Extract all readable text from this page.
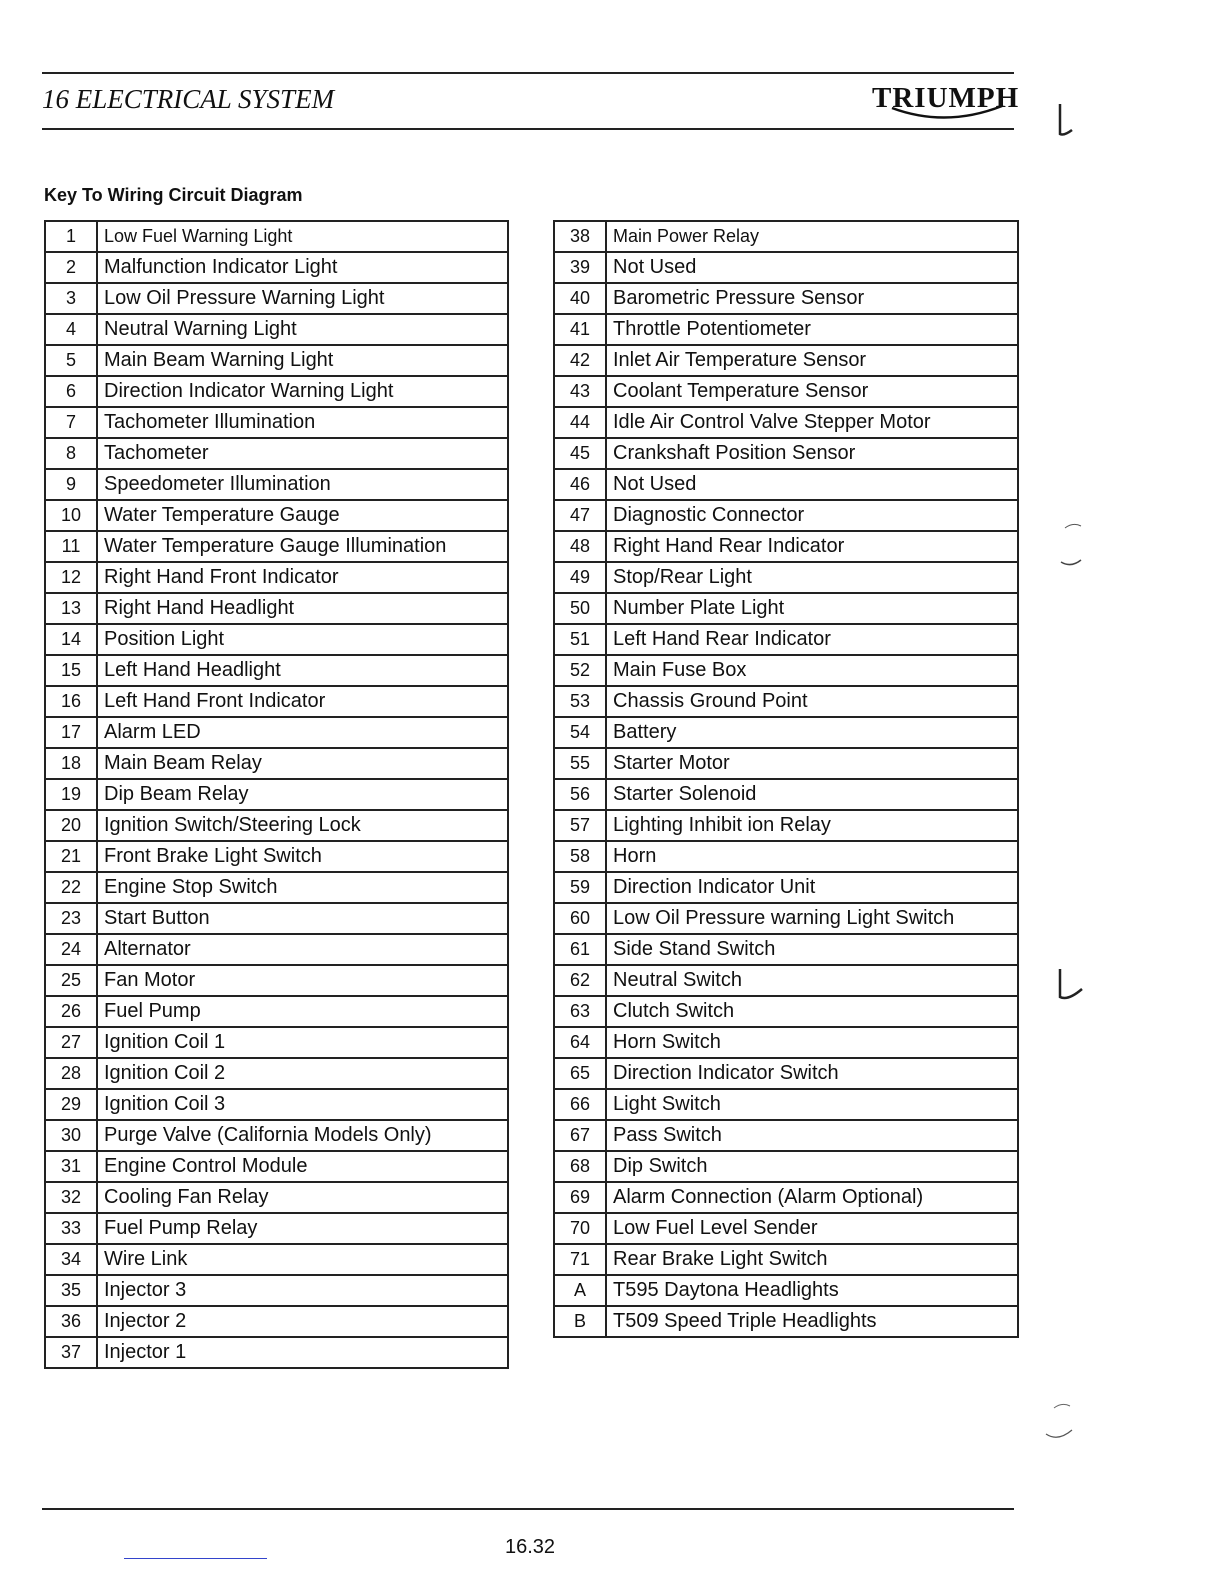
16 ELECTRICAL SYSTEM	TRIUMPH
Key To Wiring Circuit Diagram
1	Low Fuel Warning Light
2	Malfunction Indicator Light
3	Low Oil Pressure Warning Light
4	Neutral Warning Light
5	Main Beam Warning Light
6	Direction Indicator Warning Light
7	Tachometer Illumination
8	Tachometer
9	Speedometer Illumination
10	Water Temperature Gauge
11	Water Temperature Gauge Illumination
12	Right Hand Front Indicator
13	Right Hand Headlight
14	Position Light
15	Left Hand Headlight
16	Left Hand Front Indicator
17	Alarm LED
18	Main Beam Relay
19	Dip Beam Relay
20	Ignition Switch/Steering Lock
21	Front Brake Light Switch
22	Engine Stop Switch
23	Start Button
24	Alternator
25	Fan Motor
26	Fuel Pump
27	Ignition Coil 1
28	Ignition Coil 2
29	Ignition Coil 3
30	Purge Valve (California Models Only)
31	Engine Control Module
32	Cooling Fan Relay
33	Fuel Pump Relay
34	Wire Link
35	Injector 3
36	Injector 2
37	Injector 1
38	Main Power Relay
39	Not Used
40	Barometric Pressure Sensor
41	Throttle Potentiometer
42	Inlet Air Temperature Sensor
43	Coolant Temperature Sensor
44	Idle Air Control Valve Stepper Motor
45	Crankshaft Position Sensor
46	Not Used
47	Diagnostic Connector
48	Right Hand Rear Indicator
49	Stop/Rear Light
50	Number Plate Light
51	Left Hand Rear Indicator
52	Main Fuse Box
53	Chassis Ground Point
54	Battery
55	Starter Motor
56	Starter Solenoid
57	Lighting Inhibit ion Relay
58	Horn
59	Direction Indicator Unit
60	Low Oil Pressure warning Light Switch
61	Side Stand Switch
62	Neutral Switch
63	Clutch Switch
64	Horn Switch
65	Direction Indicator Switch
66	Light Switch
67	Pass Switch
68	Dip Switch
69	Alarm Connection (Alarm Optional)
70	Low Fuel Level Sender
71	Rear Brake Light Switch
A	T595 Daytona Headlights
B	T509 Speed Triple Headlights
16.32
